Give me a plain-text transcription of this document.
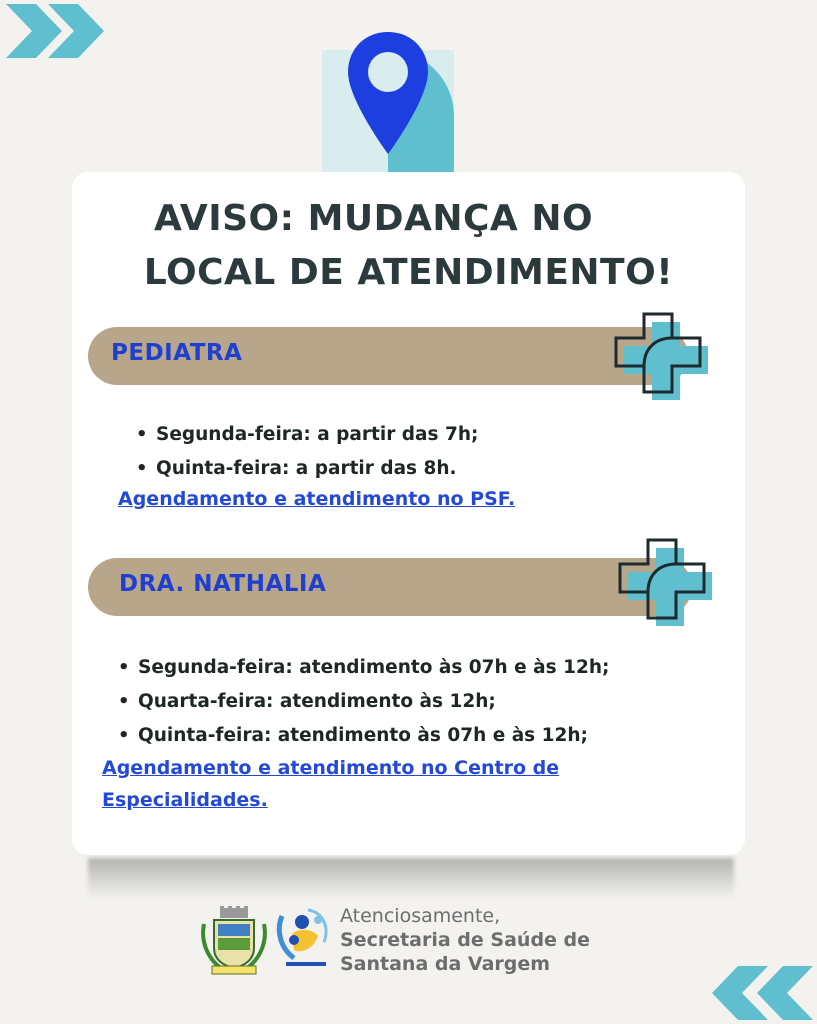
AVISO: MUDANÇA NO
LOCAL DE ATENDIMENTO!
PEDIATRA
• Segunda-feira: a partir das 7h;
• Quinta-feira: a partir das 8h.
Agendamento e atendimento no PSF.
DRA. NATHALIA
• Segunda-feira: atendimento às 07h e às 12h;
• Quarta-feira: atendimento às 12h;
• Quinta-feira: atendimento às 07h e às 12h;
Agendamento e atendimento no Centro de
Especialidades.
Atenciosamente,
Secretaria de Saúde de
Santana da Vargem
